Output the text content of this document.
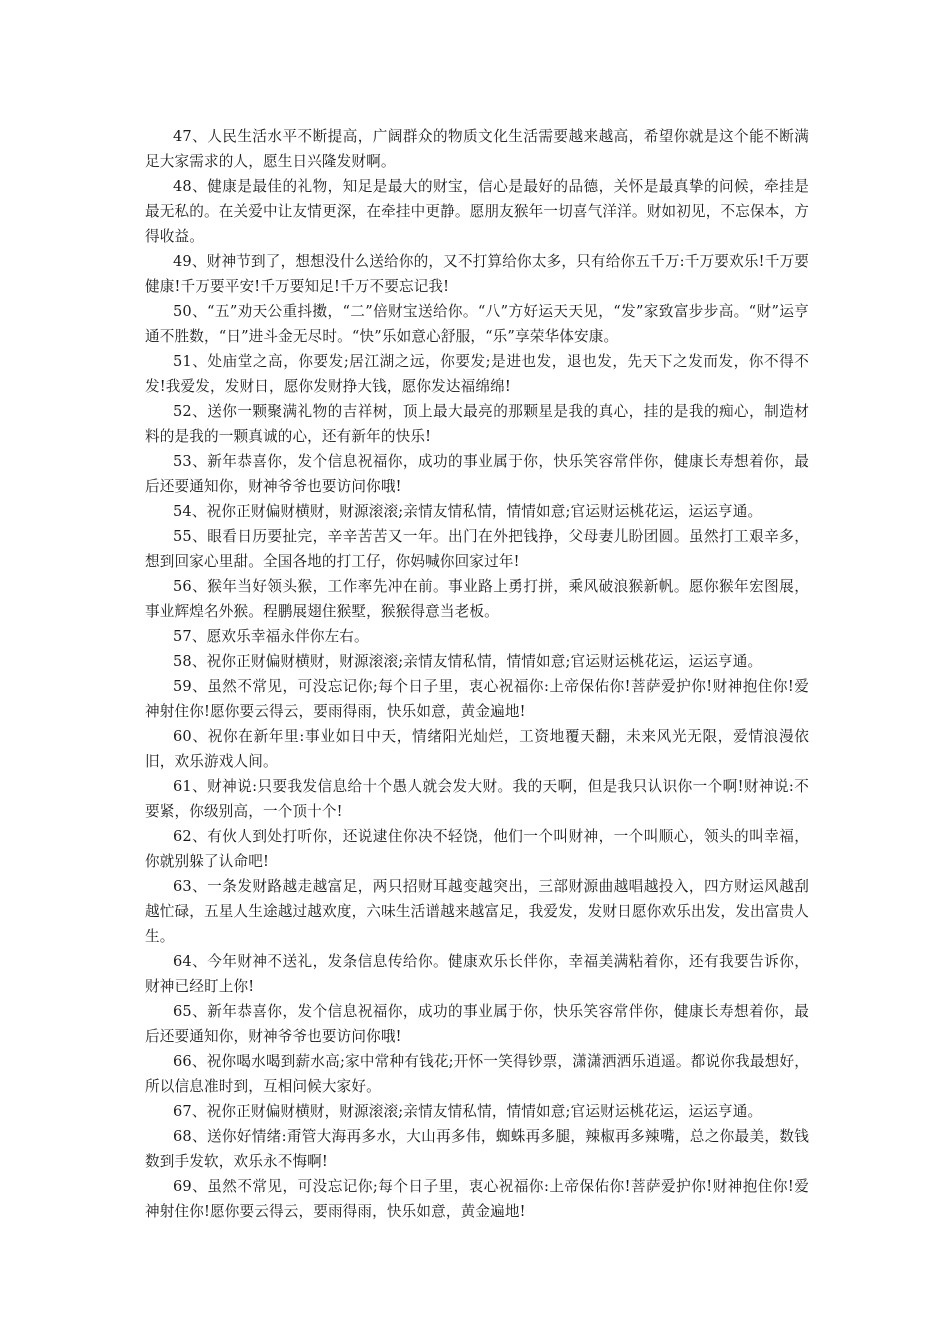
47、人民生活水平不断提高，广阔群众的物质文化生活需要越来越高，希望你就是这个能不断满足大家需求的人，愿生日兴隆发财啊。

48、健康是最佳的礼物，知足是最大的财宝，信心是最好的品德，关怀是最真挚的问候，牵挂是最无私的。在关爱中让友情更深，在牵挂中更静。愿朋友猴年一切喜气洋洋。财如初见，不忘保本，方得收益。

49、财神节到了，想想没什么送给你的，又不打算给你太多，只有给你五千万:千万要欢乐!千万要健康!千万要平安!千万要知足!千万不要忘记我!

50、“五”劝天公重抖擞，“二”倍财宝送给你。“八”方好运天天见，“发”家致富步步高。“财”运亨通不胜数，“日”进斗金无尽时。“快”乐如意心舒服，“乐”享荣华体安康。

51、处庙堂之高，你要发;居江湖之远，你要发;是进也发，退也发，先天下之发而发，你不得不发!我爱发，发财日，愿你发财挣大钱，愿你发达福绵绵!

52、送你一颗聚满礼物的吉祥树，顶上最大最亮的那颗星是我的真心，挂的是我的痴心，制造材料的是我的一颗真诚的心，还有新年的快乐!

53、新年恭喜你，发个信息祝福你，成功的事业属于你，快乐笑容常伴你，健康长寿想着你，最后还要通知你，财神爷爷也要访问你哦!

54、祝你正财偏财横财，财源滚滚;亲情友情私情，情情如意;官运财运桃花运，运运亨通。

55、眼看日历要扯完，辛辛苦苦又一年。出门在外把钱挣，父母妻儿盼团圆。虽然打工艰辛多，想到回家心里甜。全国各地的打工仔，你妈喊你回家过年!

56、猴年当好领头猴，工作率先冲在前。事业路上勇打拼，乘风破浪猴新帆。愿你猴年宏图展，事业辉煌名外猴。程鹏展翅住猴墅，猴猴得意当老板。

57、愿欢乐幸福永伴你左右。

58、祝你正财偏财横财，财源滚滚;亲情友情私情，情情如意;官运财运桃花运，运运亨通。

59、虽然不常见，可没忘记你;每个日子里，衷心祝福你:上帝保佑你!菩萨爱护你!财神抱住你!爱神射住你!愿你要云得云，要雨得雨，快乐如意，黄金遍地!

60、祝你在新年里:事业如日中天，情绪阳光灿烂，工资地覆天翻，未来风光无限，爱情浪漫依旧，欢乐游戏人间。

61、财神说:只要我发信息给十个愚人就会发大财。我的天啊，但是我只认识你一个啊!财神说:不要紧，你级别高，一个顶十个!

62、有伙人到处打听你，还说逮住你决不轻饶，他们一个叫财神，一个叫顺心，领头的叫幸福，你就别躲了认命吧!

63、一条发财路越走越富足，两只招财耳越变越突出，三部财源曲越唱越投入，四方财运风越刮越忙碌，五星人生途越过越欢度，六味生活谱越来越富足，我爱发，发财日愿你欢乐出发，发出富贵人生。

64、今年财神不送礼，发条信息传给你。健康欢乐长伴你，幸福美满粘着你，还有我要告诉你，财神已经盯上你!

65、新年恭喜你，发个信息祝福你，成功的事业属于你，快乐笑容常伴你，健康长寿想着你，最后还要通知你，财神爷爷也要访问你哦!

66、祝你喝水喝到薪水高;家中常种有钱花;开怀一笑得钞票，潇潇洒洒乐逍遥。都说你我最想好，所以信息准时到，互相问候大家好。

67、祝你正财偏财横财，财源滚滚;亲情友情私情，情情如意;官运财运桃花运，运运亨通。

68、送你好情绪:甭管大海再多水，大山再多伟，蜘蛛再多腿，辣椒再多辣嘴，总之你最美，数钱数到手发软，欢乐永不悔啊!

69、虽然不常见，可没忘记你;每个日子里，衷心祝福你:上帝保佑你!菩萨爱护你!财神抱住你!爱神射住你!愿你要云得云，要雨得雨，快乐如意，黄金遍地!
